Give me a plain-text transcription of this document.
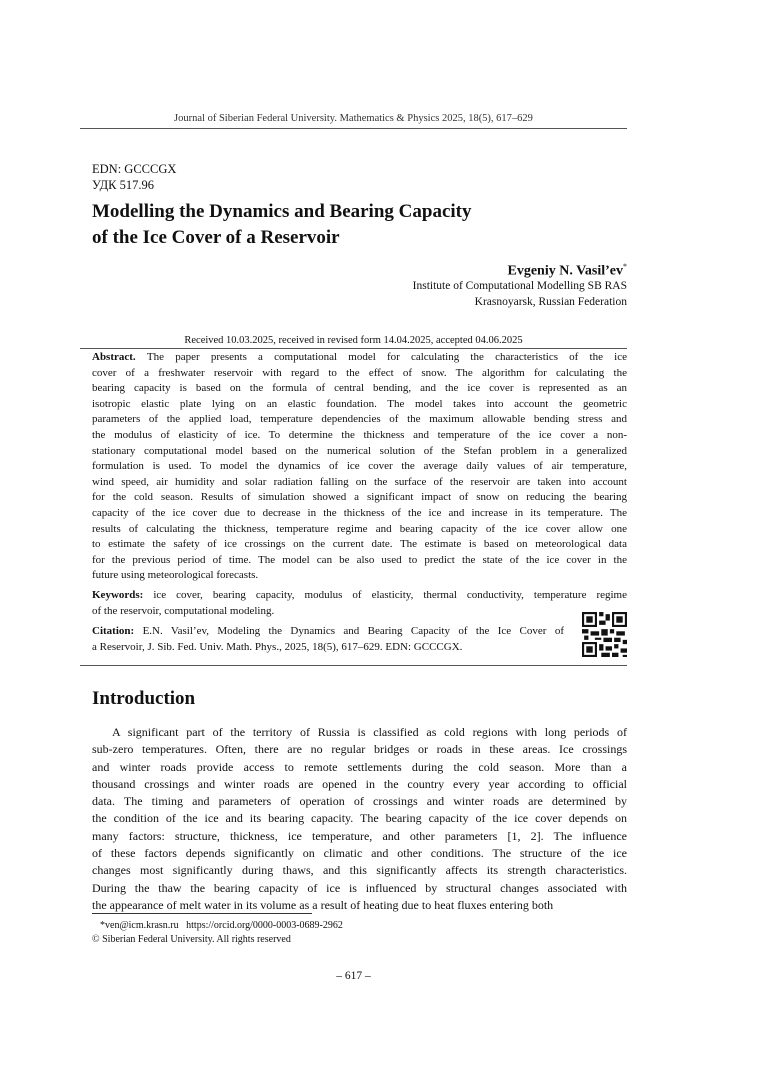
Journal of Siberian Federal University. Mathematics & Physics 2025, 18(5), 617–629
EDN: GCCCGX
УДК 517.96
Modelling the Dynamics and Bearing Capacity
of the Ice Cover of a Reservoir
Evgeniy N. Vasil’ev*
Institute of Computational Modelling SB RAS
Krasnoyarsk, Russian Federation
Received 10.03.2025, received in revised form 14.04.2025, accepted 04.06.2025
Abstract. The paper presents a computational model for calculating the characteristics of the ice
cover of a freshwater reservoir with regard to the effect of snow. The algorithm for calculating the
bearing capacity is based on the formula of central bending, and the ice cover is represented as an
isotropic elastic plate lying on an elastic foundation. The model takes into account the geometric
parameters of the applied load, temperature dependencies of the maximum allowable bending stress and
the modulus of elasticity of ice. To determine the thickness and temperature of the ice cover a non-
stationary computational model based on the numerical solution of the Stefan problem in a generalized
formulation is used. To model the dynamics of ice cover the average daily values of air temperature,
wind speed, air humidity and solar radiation falling on the surface of the reservoir are taken into account
for the cold season. Results of simulation showed a significant impact of snow on reducing the bearing
capacity of the ice cover due to decrease in the thickness of the ice and increase in its temperature. The
results of calculating the thickness, temperature regime and bearing capacity of the ice cover allow one
to estimate the safety of ice crossings on the current date. The estimate is based on meteorological data
for the previous period of time. The model can be also used to predict the state of the ice cover in the
future using meteorological forecasts.
Keywords: ice cover, bearing capacity, modulus of elasticity, thermal conductivity, temperature regime
of the reservoir, computational modeling.
Citation: E.N. Vasil’ev, Modeling the Dynamics and Bearing Capacity of the Ice Cover of
a Reservoir, J. Sib. Fed. Univ. Math. Phys., 2025, 18(5), 617–629. EDN: GCCCGX.
Introduction
A significant part of the territory of Russia is classified as cold regions with long periods of
sub-zero temperatures. Often, there are no regular bridges or roads in these areas. Ice crossings
and winter roads provide access to remote settlements during the cold season. More than a
thousand crossings and winter roads are opened in the country every year according to official
data. The timing and parameters of operation of crossings and winter roads are determined by
the condition of the ice and its bearing capacity. The bearing capacity of the ice cover depends on
many factors: structure, thickness, ice temperature, and other parameters [1, 2]. The influence
of these factors depends significantly on climatic and other conditions. The structure of the ice
changes most significantly during thaws, and this significantly affects its strength characteristics.
During the thaw the bearing capacity of ice is influenced by structural changes associated with
the appearance of melt water in its volume as a result of heating due to heat fluxes entering both
*ven@icm.krasn.ru https://orcid.org/0000-0003-0689-2962
© Siberian Federal University. All rights reserved
– 617 –
